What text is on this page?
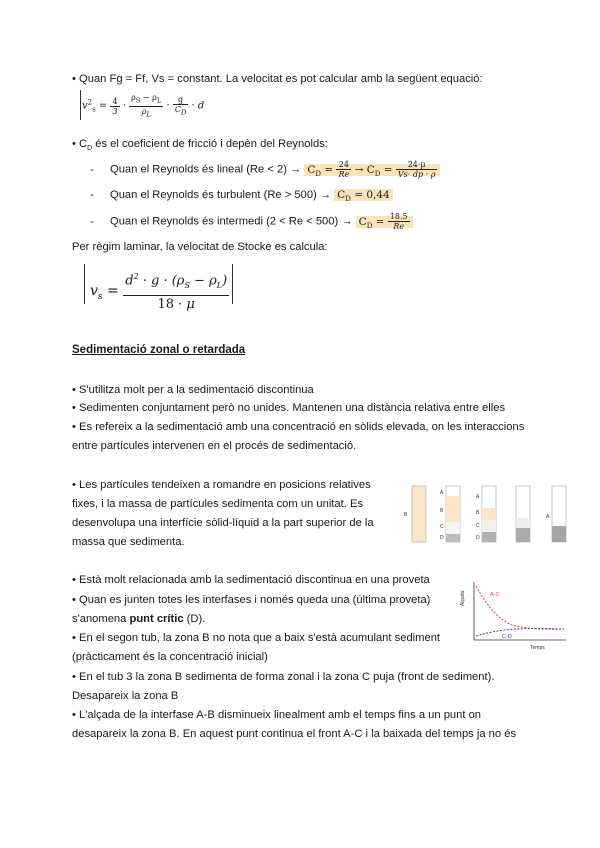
• Quan Fg = Ff, Vs = constant. La velocitat es pot calcular amb la següent equació:
$v^2_s = \frac{4}{3} \cdot \frac{\rho_S - \rho_L}{\rho_L} \cdot \frac{g}{C_D} \cdot d$
• $C_D$ és el coeficient de fricció i depèn del Reynolds:
- Quan el Reynolds és lineal $(Re < 2) \to C_D = \frac{24}{Re} \to C_D = \frac{24\cdot\mu}{Vs\cdot dp \cdot \rho}$
- Quan el Reynolds és turbulent $(Re > 500) \to C_D = 0,44$
- Quan el Reynolds és intermedi $(2 < Re < 500) \to C_D = \frac{18.5}{Re}$
Per règim laminar, la velocitat de Stocke es calcula:
$v_s = \frac{d^2 \cdot g \cdot (\rho_S - \rho_L)}{18 \cdot \mu}$
Sedimentació zonal o retardada
• S'utilitza molt per a la sedimentació discontinua
• Sedimenten conjuntament però no unides. Mantenen una distància relativa entre elles
• Es refereix a la sedimentació amb una concentració en sòlids elevada, on les interaccions
entre partícules intervenen en el procés de sedimentació.
• Les partícules tendeixen a romandre en posicions relatives
fixes, i la massa de partícules sedimenta com un unitat. Es
desenvolupa una interfície sòlid-líquid a la part superior de la
massa que sedimenta.
B
A
B
C
D
A
B
C
D
A
• Està molt relacionada amb la sedimentació discontinua en una proveta
• Quan es junten totes les interfases i només queda una (última proveta)
s'anomena punt crític (D).
• En el segon tub, la zona B no nota que a baix s'està acumulant sediment
(pràcticament és la concentració inicial)
• En el tub 3 la zona B sedimenta de forma zonal i la zona C puja (front de sediment).
Desapareix la zona B
• L'alçada de la interfase A-B disminueix linealment amb el temps fins a un punt on
desapareix la zona B. En aquest punt continua el front A-C i la baixada del temps ja no és
Alçada
Temps
A-C
C-D
